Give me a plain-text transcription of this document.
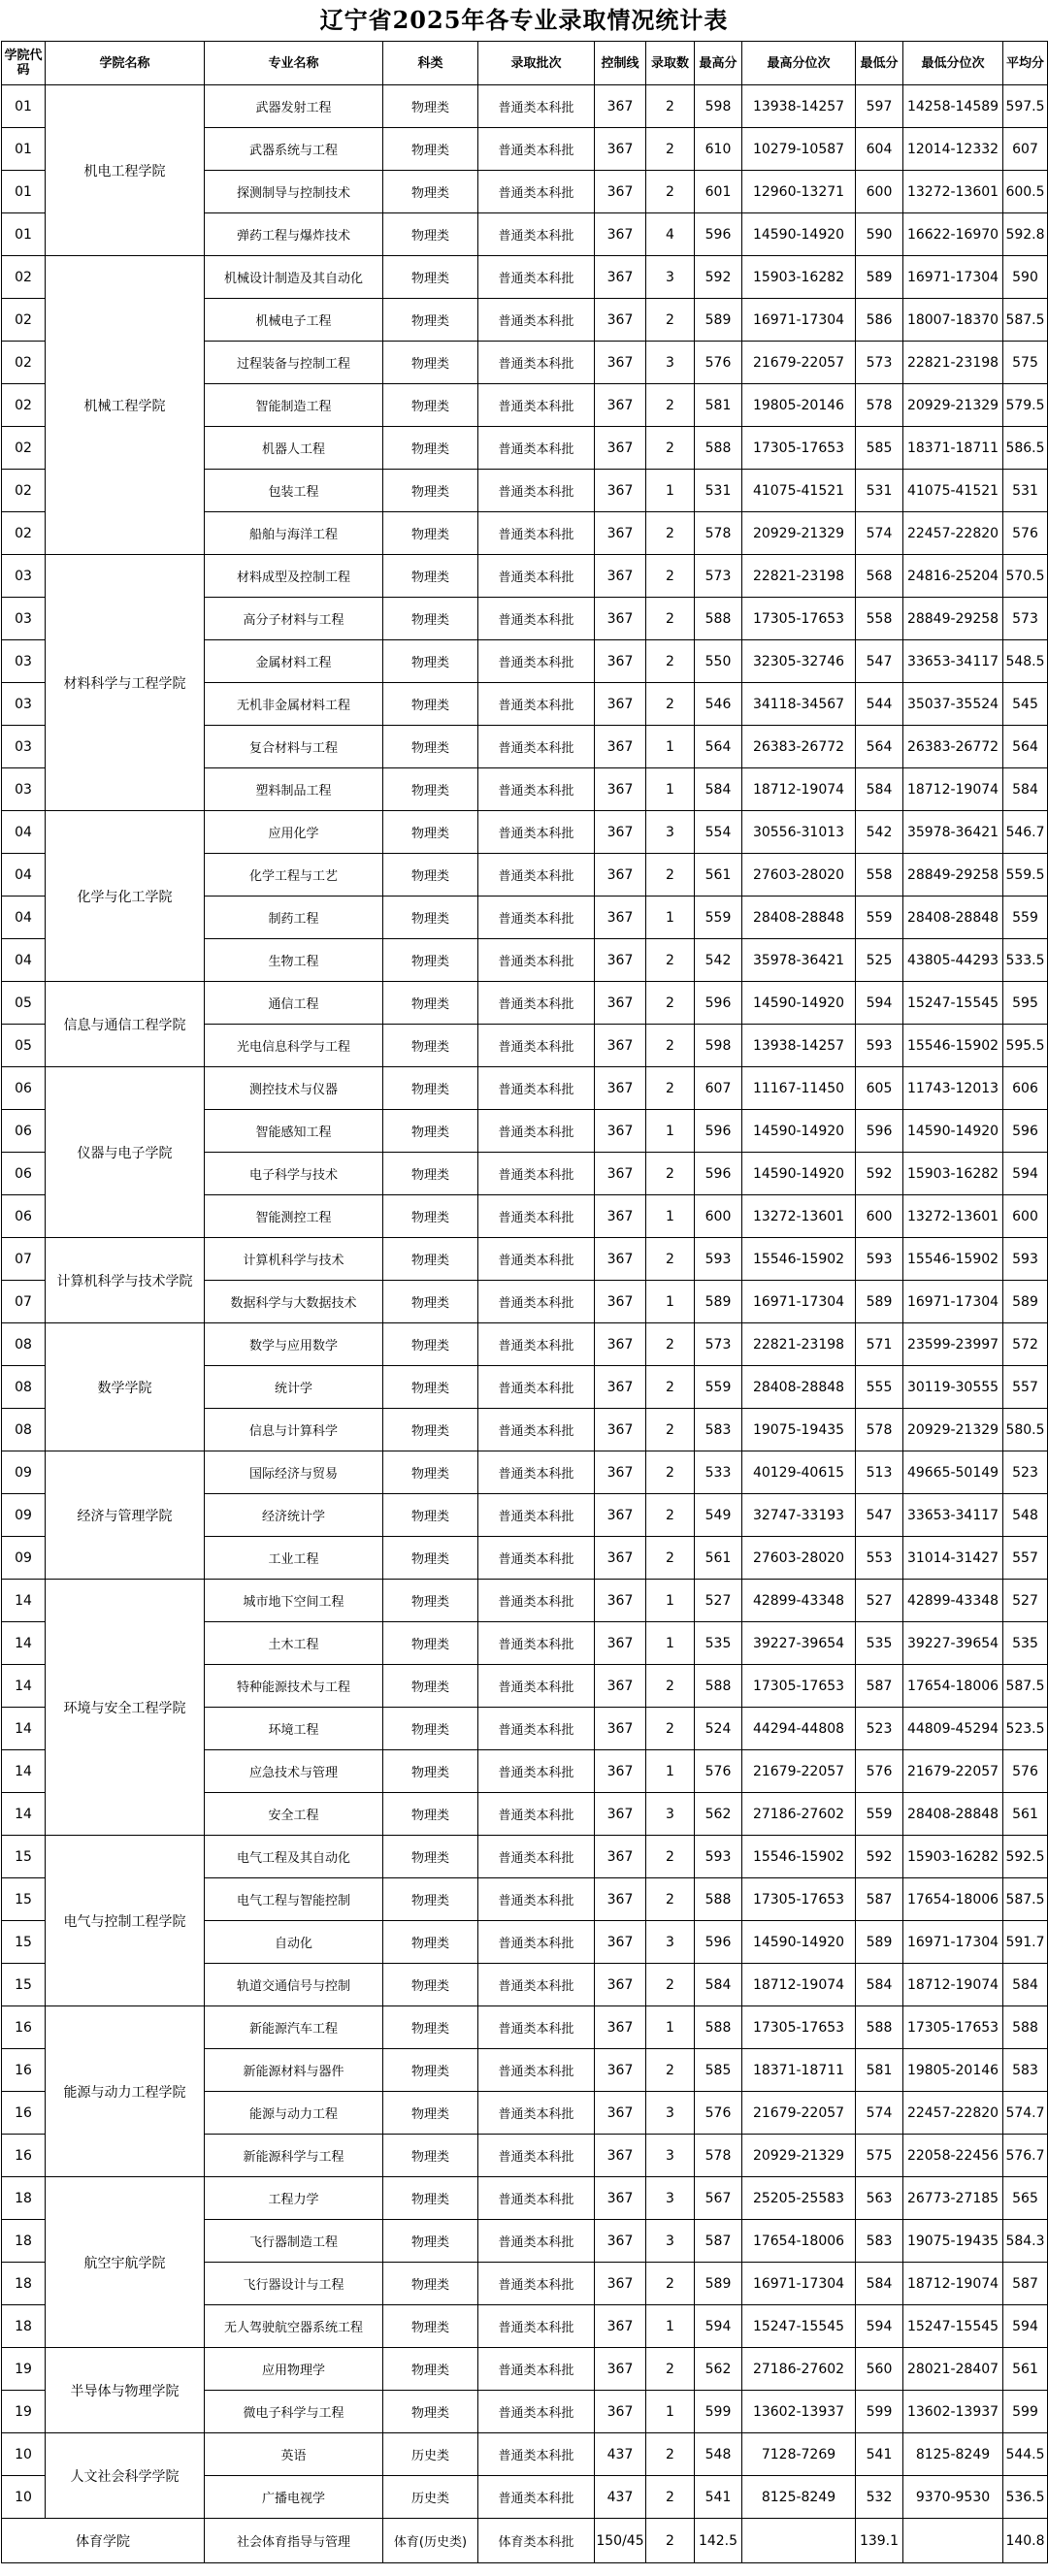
辽宁省2025年各专业录取情况统计表
学院代码	学院名称	专业名称	科类	录取批次	控制线	录取数	最高分	最高分位次	最低分	最低分位次	平均分
01	机电工程学院	武器发射工程	物理类	普通类本科批	367	2	598	13938-14257	597	14258-14589	597.5
01		武器系统与工程	物理类	普通类本科批	367	2	610	10279-10587	604	12014-12332	607
01		探测制导与控制技术	物理类	普通类本科批	367	2	601	12960-13271	600	13272-13601	600.5
01		弹药工程与爆炸技术	物理类	普通类本科批	367	4	596	14590-14920	590	16622-16970	592.8
02	机械工程学院	机械设计制造及其自动化	物理类	普通类本科批	367	3	592	15903-16282	589	16971-17304	590
02		机械电子工程	物理类	普通类本科批	367	2	589	16971-17304	586	18007-18370	587.5
02		过程装备与控制工程	物理类	普通类本科批	367	3	576	21679-22057	573	22821-23198	575
02		智能制造工程	物理类	普通类本科批	367	2	581	19805-20146	578	20929-21329	579.5
02		机器人工程	物理类	普通类本科批	367	2	588	17305-17653	585	18371-18711	586.5
02		包装工程	物理类	普通类本科批	367	1	531	41075-41521	531	41075-41521	531
02		船舶与海洋工程	物理类	普通类本科批	367	2	578	20929-21329	574	22457-22820	576
03	材料科学与工程学院	材料成型及控制工程	物理类	普通类本科批	367	2	573	22821-23198	568	24816-25204	570.5
03		高分子材料与工程	物理类	普通类本科批	367	2	588	17305-17653	558	28849-29258	573
03		金属材料工程	物理类	普通类本科批	367	2	550	32305-32746	547	33653-34117	548.5
03		无机非金属材料工程	物理类	普通类本科批	367	2	546	34118-34567	544	35037-35524	545
03		复合材料与工程	物理类	普通类本科批	367	1	564	26383-26772	564	26383-26772	564
03		塑料制品工程	物理类	普通类本科批	367	1	584	18712-19074	584	18712-19074	584
04	化学与化工学院	应用化学	物理类	普通类本科批	367	3	554	30556-31013	542	35978-36421	546.7
04		化学工程与工艺	物理类	普通类本科批	367	2	561	27603-28020	558	28849-29258	559.5
04		制药工程	物理类	普通类本科批	367	1	559	28408-28848	559	28408-28848	559
04		生物工程	物理类	普通类本科批	367	2	542	35978-36421	525	43805-44293	533.5
05	信息与通信工程学院	通信工程	物理类	普通类本科批	367	2	596	14590-14920	594	15247-15545	595
05		光电信息科学与工程	物理类	普通类本科批	367	2	598	13938-14257	593	15546-15902	595.5
06	仪器与电子学院	测控技术与仪器	物理类	普通类本科批	367	2	607	11167-11450	605	11743-12013	606
06		智能感知工程	物理类	普通类本科批	367	1	596	14590-14920	596	14590-14920	596
06		电子科学与技术	物理类	普通类本科批	367	2	596	14590-14920	592	15903-16282	594
06		智能测控工程	物理类	普通类本科批	367	1	600	13272-13601	600	13272-13601	600
07	计算机科学与技术学院	计算机科学与技术	物理类	普通类本科批	367	2	593	15546-15902	593	15546-15902	593
07		数据科学与大数据技术	物理类	普通类本科批	367	1	589	16971-17304	589	16971-17304	589
08	数学学院	数学与应用数学	物理类	普通类本科批	367	2	573	22821-23198	571	23599-23997	572
08		统计学	物理类	普通类本科批	367	2	559	28408-28848	555	30119-30555	557
08		信息与计算科学	物理类	普通类本科批	367	2	583	19075-19435	578	20929-21329	580.5
09	经济与管理学院	国际经济与贸易	物理类	普通类本科批	367	2	533	40129-40615	513	49665-50149	523
09		经济统计学	物理类	普通类本科批	367	2	549	32747-33193	547	33653-34117	548
09		工业工程	物理类	普通类本科批	367	2	561	27603-28020	553	31014-31427	557
14	环境与安全工程学院	城市地下空间工程	物理类	普通类本科批	367	1	527	42899-43348	527	42899-43348	527
14		土木工程	物理类	普通类本科批	367	1	535	39227-39654	535	39227-39654	535
14		特种能源技术与工程	物理类	普通类本科批	367	2	588	17305-17653	587	17654-18006	587.5
14		环境工程	物理类	普通类本科批	367	2	524	44294-44808	523	44809-45294	523.5
14		应急技术与管理	物理类	普通类本科批	367	1	576	21679-22057	576	21679-22057	576
14		安全工程	物理类	普通类本科批	367	3	562	27186-27602	559	28408-28848	561
15	电气与控制工程学院	电气工程及其自动化	物理类	普通类本科批	367	2	593	15546-15902	592	15903-16282	592.5
15		电气工程与智能控制	物理类	普通类本科批	367	2	588	17305-17653	587	17654-18006	587.5
15		自动化	物理类	普通类本科批	367	3	596	14590-14920	589	16971-17304	591.7
15		轨道交通信号与控制	物理类	普通类本科批	367	2	584	18712-19074	584	18712-19074	584
16	能源与动力工程学院	新能源汽车工程	物理类	普通类本科批	367	1	588	17305-17653	588	17305-17653	588
16		新能源材料与器件	物理类	普通类本科批	367	2	585	18371-18711	581	19805-20146	583
16		能源与动力工程	物理类	普通类本科批	367	3	576	21679-22057	574	22457-22820	574.7
16		新能源科学与工程	物理类	普通类本科批	367	3	578	20929-21329	575	22058-22456	576.7
18	航空宇航学院	工程力学	物理类	普通类本科批	367	3	567	25205-25583	563	26773-27185	565
18		飞行器制造工程	物理类	普通类本科批	367	3	587	17654-18006	583	19075-19435	584.3
18		飞行器设计与工程	物理类	普通类本科批	367	2	589	16971-17304	584	18712-19074	587
18		无人驾驶航空器系统工程	物理类	普通类本科批	367	1	594	15247-15545	594	15247-15545	594
19	半导体与物理学院	应用物理学	物理类	普通类本科批	367	2	562	27186-27602	560	28021-28407	561
19		微电子科学与工程	物理类	普通类本科批	367	1	599	13602-13937	599	13602-13937	599
10	人文社会科学学院	英语	历史类	普通类本科批	437	2	548	7128-7269	541	8125-8249	544.5
10		广播电视学	历史类	普通类本科批	437	2	541	8125-8249	532	9370-9530	536.5
体育学院		社会体育指导与管理	体育(历史类)	体育类本科批	150/45	2	142.5		139.1		140.8
